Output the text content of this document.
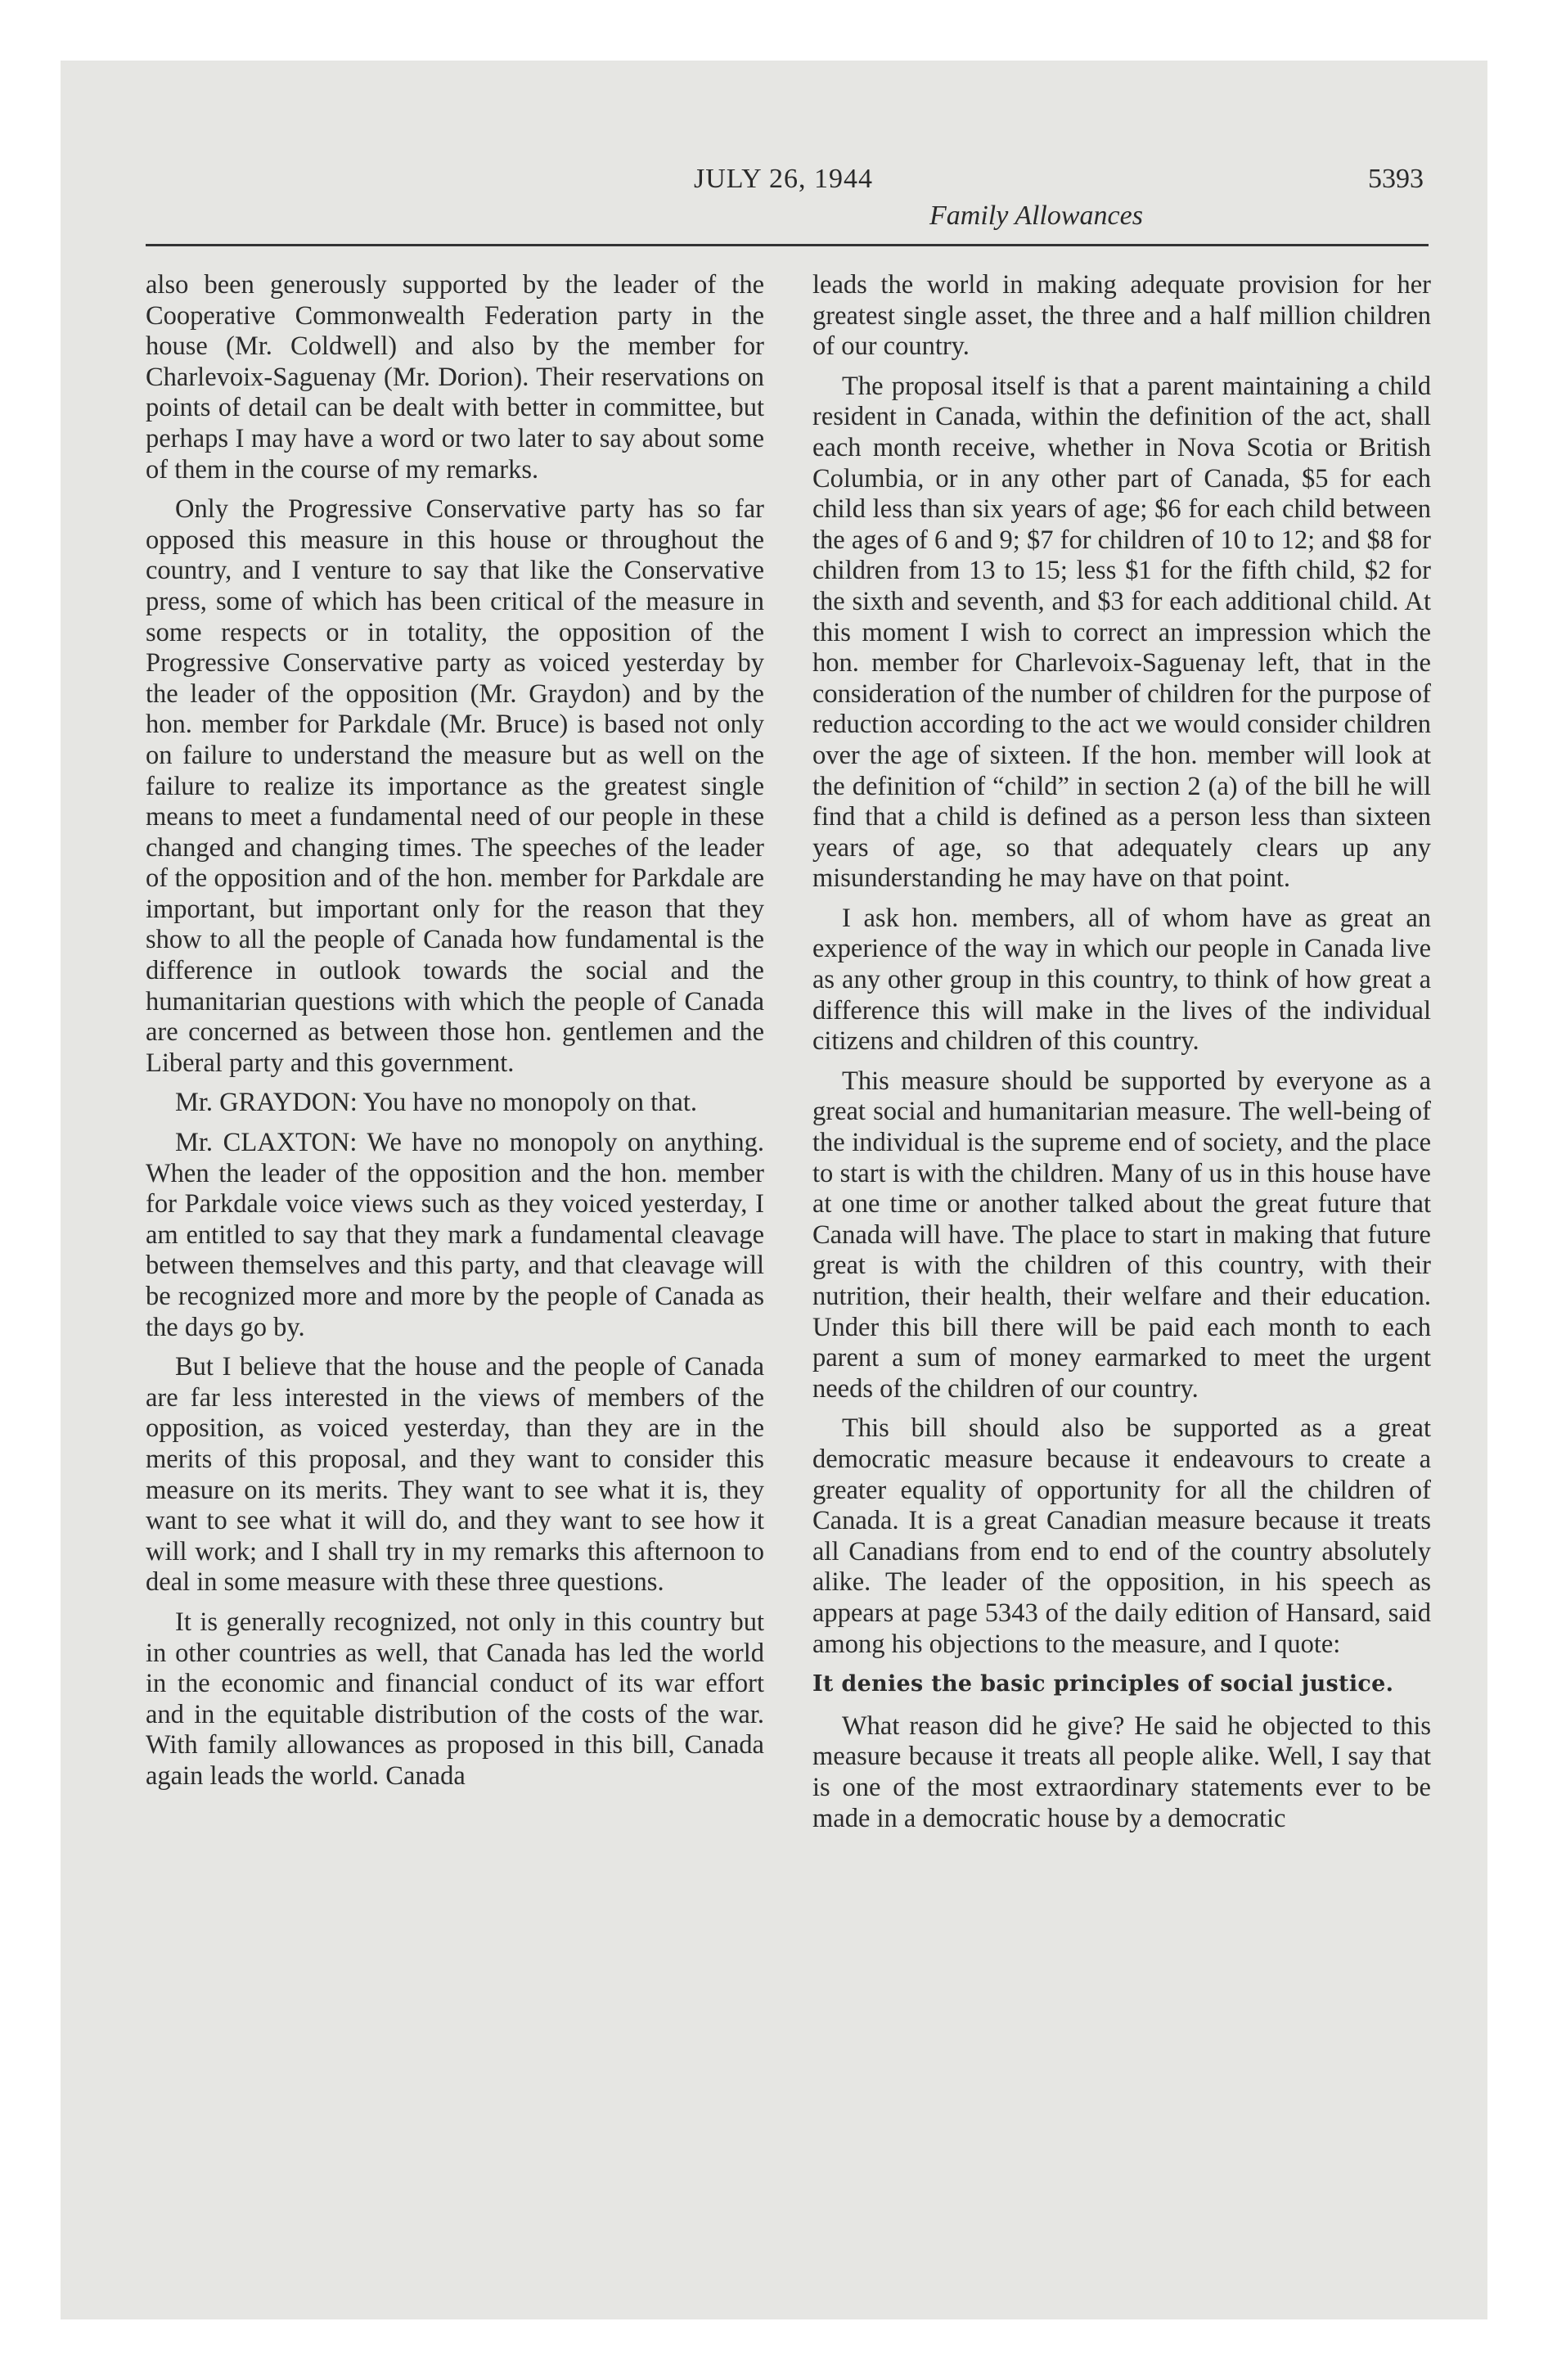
JULY 26, 1944
Family Allowances
5393

also been generously supported by the leader of the Cooperative Commonwealth Federation party in the house (Mr. Coldwell) and also by the member for Charlevoix-Saguenay (Mr. Dorion). Their reservations on points of detail can be dealt with better in committee, but perhaps I may have a word or two later to say about some of them in the course of my remarks.

Only the Progressive Conservative party has so far opposed this measure in this house or throughout the country, and I venture to say that like the Conservative press, some of which has been critical of the measure in some respects or in totality, the opposition of the Progressive Conservative party as voiced yesterday by the leader of the opposition (Mr. Graydon) and by the hon. member for Parkdale (Mr. Bruce) is based not only on failure to understand the measure but as well on the failure to realize its importance as the greatest single means to meet a fundamental need of our people in these changed and changing times. The speeches of the leader of the opposition and of the hon. member for Parkdale are important, but important only for the reason that they show to all the people of Canada how fundamental is the difference in outlook towards the social and the humanitarian questions with which the people of Canada are concerned as between those hon. gentlemen and the Liberal party and this government.

Mr. GRAYDON: You have no monopoly on that.

Mr. CLAXTON: We have no monopoly on anything. When the leader of the opposition and the hon. member for Parkdale voice views such as they voiced yesterday, I am entitled to say that they mark a fundamental cleavage between themselves and this party, and that cleavage will be recognized more and more by the people of Canada as the days go by.

But I believe that the house and the people of Canada are far less interested in the views of members of the opposition, as voiced yesterday, than they are in the merits of this proposal, and they want to consider this measure on its merits. They want to see what it is, they want to see what it will do, and they want to see how it will work; and I shall try in my remarks this afternoon to deal in some measure with these three questions.

It is generally recognized, not only in this country but in other countries as well, that Canada has led the world in the economic and financial conduct of its war effort and in the equitable distribution of the costs of the war. With family allowances as proposed in this bill, Canada again leads the world. Canada

leads the world in making adequate provision for her greatest single asset, the three and a half million children of our country.

The proposal itself is that a parent maintaining a child resident in Canada, within the definition of the act, shall each month receive, whether in Nova Scotia or British Columbia, or in any other part of Canada, $5 for each child less than six years of age; $6 for each child between the ages of 6 and 9; $7 for children of 10 to 12; and $8 for children from 13 to 15; less $1 for the fifth child, $2 for the sixth and seventh, and $3 for each additional child. At this moment I wish to correct an impression which the hon. member for Charlevoix-Saguenay left, that in the consideration of the number of children for the purpose of reduction according to the act we would consider children over the age of sixteen. If the hon. member will look at the definition of “child” in section 2 (a) of the bill he will find that a child is defined as a person less than sixteen years of age, so that adequately clears up any misunderstanding he may have on that point.

I ask hon. members, all of whom have as great an experience of the way in which our people in Canada live as any other group in this country, to think of how great a difference this will make in the lives of the individual citizens and children of this country.

This measure should be supported by everyone as a great social and humanitarian measure. The well-being of the individual is the supreme end of society, and the place to start is with the children. Many of us in this house have at one time or another talked about the great future that Canada will have. The place to start in making that future great is with the children of this country, with their nutrition, their health, their welfare and their education. Under this bill there will be paid each month to each parent a sum of money earmarked to meet the urgent needs of the children of our country.

This bill should also be supported as a great democratic measure because it endeavours to create a greater equality of opportunity for all the children of Canada. It is a great Canadian measure because it treats all Canadians from end to end of the country absolutely alike. The leader of the opposition, in his speech as appears at page 5343 of the daily edition of Hansard, said among his objections to the measure, and I quote:

It denies the basic principles of social justice.

What reason did he give? He said he objected to this measure because it treats all people alike. Well, I say that is one of the most extraordinary statements ever to be made in a democratic house by a democratic
